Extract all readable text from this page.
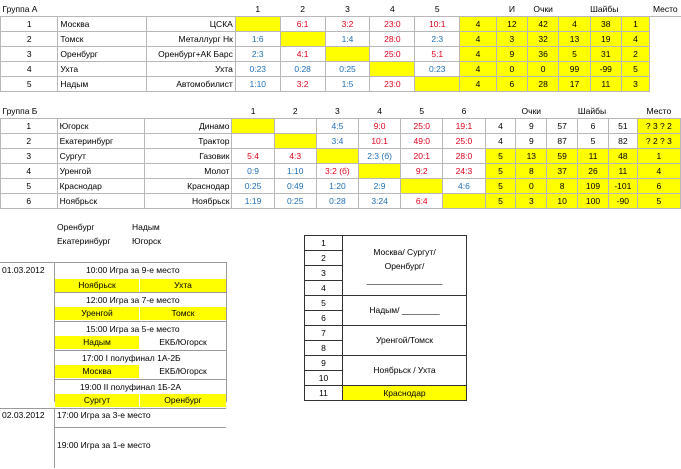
Группа А			1	2	3	4	5		И	Очки	Шайбы			Место
1	Москва	ЦСКА		6:1	3:2	23:0	10:1	4	12	42	4	38	1	
2	Томск	Металлург Нк	1:6		1:4	28:0	2:3	4	3	32	13	19	4	
3	Оренбург	Оренбург+АК Барс	2:3	4:1		25:0	5:1	4	9	36	5	31	2	
4	Ухта	Ухта	0:23	0:28	0:25		0:23	4	0	0	99	-99	5	
5	Надым	Автомобилист	1:10	3:2	1:5	23:0		4	6	28	17	11	3	
Группа Б			1	2	3	4	5	6		Очки	Шайбы			Место
1	Югорск	Динамо			4:5	9:0	25:0	19:1	4	9	57	6	51	? 3 ? 2
2	Екатеринбург	Трактор			3:4	10:1	49:0	25:0	4	9	87	5	82	? 2 ? 3
3	Сургут	Газовик	5:4	4:3		2:3 (б)	20:1	28:0	5	13	59	11	48	1
4	Уренгой	Молот	0:9	1:10	3:2 (б)		9:2	24:3	5	8	37	26	11	4
5	Краснодар	Краснодар	0:25	0:49	1:20	2:9		4:6	5	0	8	109	-101	6
6	Ноябрьск	Ноябрьск	1:19	0:25	0:28	3:24	6:4		5	3	10	100	-90	5
Оренбург	Надым
Екатеринбург	Югорск
01.03.2012	10:00 Игра за 9-е место
Ноябрьск	Ухта
12:00 Игра за 7-е место
Уренгой	Томск
15:00 Игра за 5-е место
Надым	ЕКБ/Югорск
17:00 I полуфинал 1А-2Б
Москва	ЕКБ/Югорск
19:00 II полуфинал 1Б-2А
Сургут	Оренбург
02.03.2012 17:00 Игра за 3-е место
19:00 Игра за 1-е место
1	Москва/ Сургут/
Оренбург/
________________

2	
3	
4	
5	Надым/ ________
6	
7	Уренгой/Томск
8	
9	Ноябрьск / Ухта
10	
11	Краснодар
